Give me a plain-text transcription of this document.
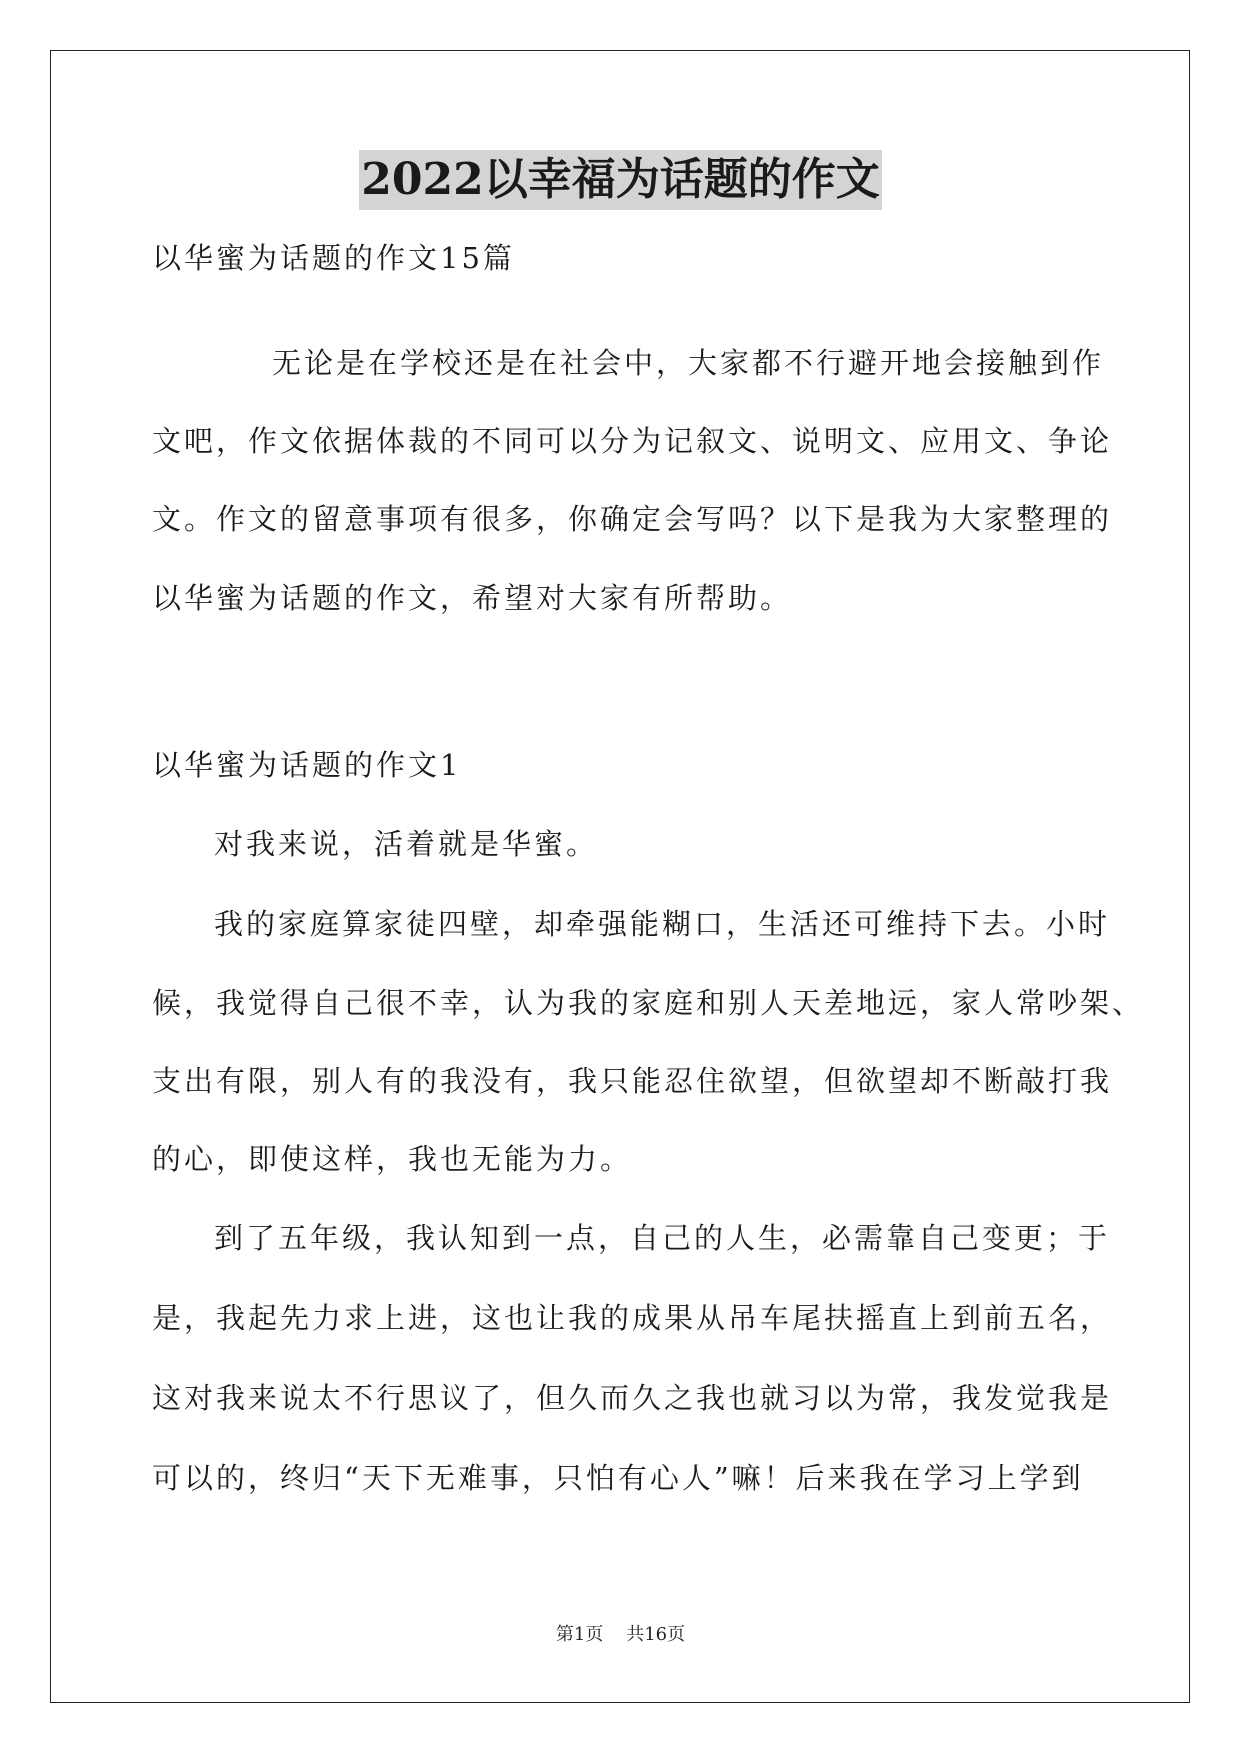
2022以幸福为话题的作文
以华蜜为话题的作文15篇
无论是在学校还是在社会中，大家都不行避开地会接触到作
文吧，作文依据体裁的不同可以分为记叙文、说明文、应用文、争论
文。作文的留意事项有很多，你确定会写吗？以下是我为大家整理的
以华蜜为话题的作文，希望对大家有所帮助。
以华蜜为话题的作文1
对我来说，活着就是华蜜。
我的家庭算家徒四壁，却牵强能糊口，生活还可维持下去。小时
候，我觉得自己很不幸，认为我的家庭和别人天差地远，家人常吵架、
支出有限，别人有的我没有，我只能忍住欲望，但欲望却不断敲打我
的心，即使这样，我也无能为力。
到了五年级，我认知到一点，自己的人生，必需靠自己变更；于
是，我起先力求上进，这也让我的成果从吊车尾扶摇直上到前五名，
这对我来说太不行思议了，但久而久之我也就习以为常，我发觉我是
可以的，终归“天下无难事，只怕有心人”嘛！后来我在学习上学到
第1页 共16页
